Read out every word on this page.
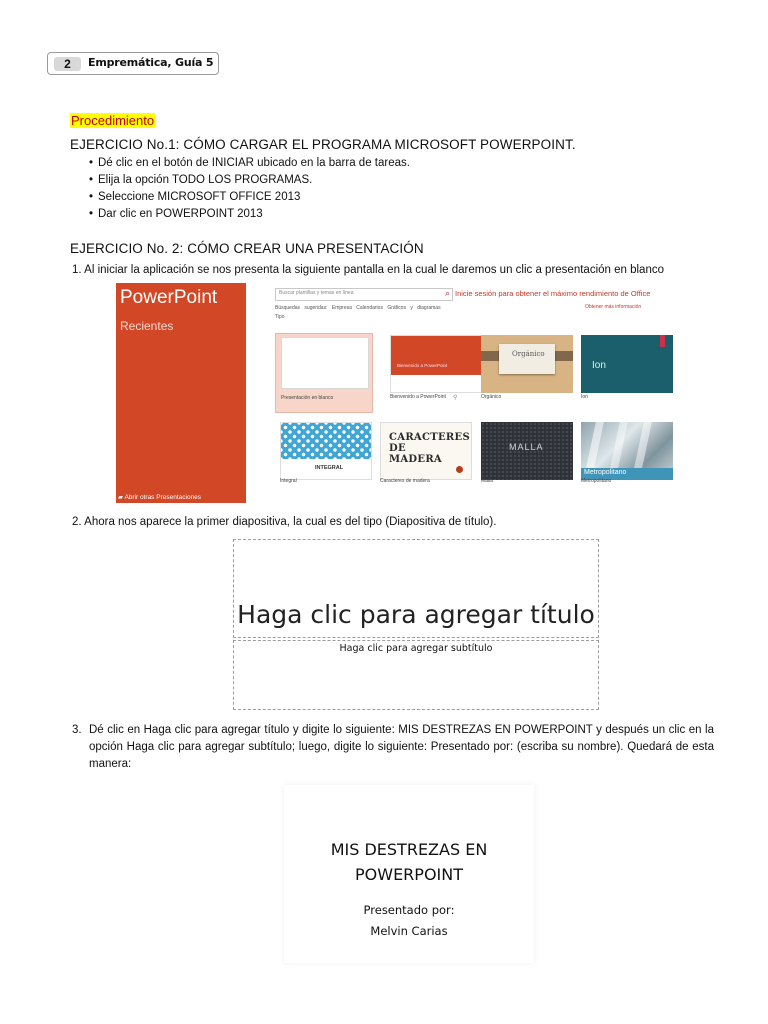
2	Empremática, Guía 5
Procedimiento
EJERCICIO No.1: CÓMO CARGAR EL PROGRAMA MICROSOFT POWERPOINT.
• Dé clic en el botón de INICIAR ubicado en la barra de tareas.
• Elija la opción TODO LOS PROGRAMAS.
• Seleccione MICROSOFT OFFICE 2013
• Dar clic en POWERPOINT 2013
EJERCICIO No. 2: CÓMO CREAR UNA PRESENTACIÓN
1. Al iniciar la aplicación se nos presenta la siguiente pantalla en la cual le daremos un clic a presentación en blanco
PowerPoint
Recientes
▰ Abrir otras Presentaciones
Buscar plantillas y temas en línea	⌕ Inicie sesión para obtener el máximo rendimiento de Office
Obtener más información
Búsquedas sugeridas: Empresa Calendarios Gráficos y diagramas
Tipo
Presentación en blanco
Bienvenido a PowerPoint
Bienvenido a PowerPoint ⚲
Orgánico
Orgánico
Ion
Ion
INTEGRAL
Integral
CARACTERES DE MADERA
Caracteres de madera
MALLA
Malla
Metropolitano
Metropolitano
2. Ahora nos aparece la primer diapositiva, la cual es del tipo (Diapositiva de título).
Haga clic para agregar título
Haga clic para agregar subtítulo
3. Dé clic en Haga clic para agregar título y digite lo siguiente: MIS DESTREZAS EN POWERPOINT y después un clic en la opción Haga clic para agregar subtítulo; luego, digite lo siguiente: Presentado por: (escriba su nombre). Quedará de esta manera:
MIS DESTREZAS EN POWERPOINT
Presentado por:
Melvin Carias
